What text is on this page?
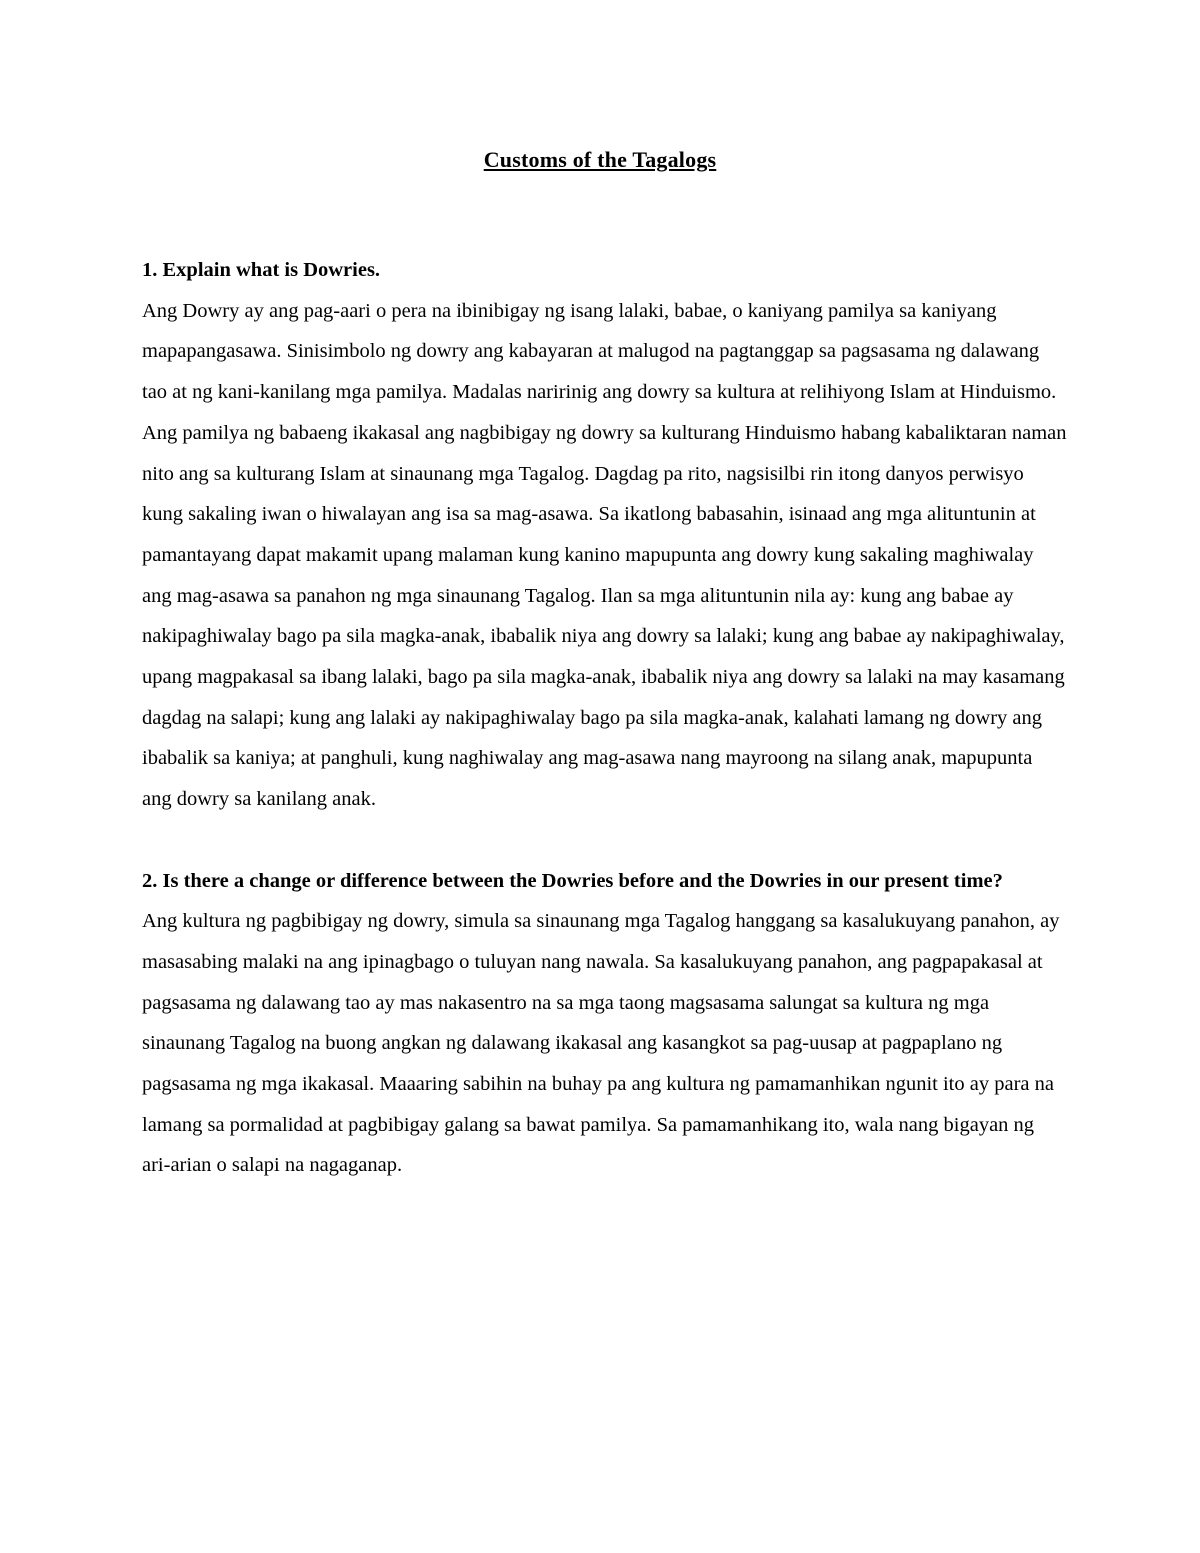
Customs of the Tagalogs

1. Explain what is Dowries.

Ang Dowry ay ang pag-aari o pera na ibinibigay ng isang lalaki, babae, o kaniyang pamilya sa kaniyang mapapangasawa. Sinisimbolo ng dowry ang kabayaran at malugod na pagtanggap sa pagsasama ng dalawang tao at ng kani-kanilang mga pamilya. Madalas naririnig ang dowry sa kultura at relihiyong Islam at Hinduismo. Ang pamilya ng babaeng ikakasal ang nagbibigay ng dowry sa kulturang Hinduismo habang kabaliktaran naman nito ang sa kulturang Islam at sinaunang mga Tagalog. Dagdag pa rito, nagsisilbi rin itong danyos perwisyo kung sakaling iwan o hiwalayan ang isa sa mag-asawa. Sa ikatlong babasahin, isinaad ang mga alituntunin at pamantayang dapat makamit upang malaman kung kanino mapupunta ang dowry kung sakaling maghiwalay ang mag-asawa sa panahon ng mga sinaunang Tagalog. Ilan sa mga alituntunin nila ay: kung ang babae ay nakipaghiwalay bago pa sila magka-anak, ibabalik niya ang dowry sa lalaki; kung ang babae ay nakipaghiwalay, upang magpakasal sa ibang lalaki, bago pa sila magka-anak, ibabalik niya ang dowry sa lalaki na may kasamang dagdag na salapi; kung ang lalaki ay nakipaghiwalay bago pa sila magka-anak, kalahati lamang ng dowry ang ibabalik sa kaniya; at panghuli, kung naghiwalay ang mag-asawa nang mayroong na silang anak, mapupunta ang dowry sa kanilang anak.

2. Is there a change or difference between the Dowries before and the Dowries in our present time?

Ang kultura ng pagbibigay ng dowry, simula sa sinaunang mga Tagalog hanggang sa kasalukuyang panahon, ay masasabing malaki na ang ipinagbago o tuluyan nang nawala. Sa kasalukuyang panahon, ang pagpapakasal at pagsasama ng dalawang tao ay mas nakasentro na sa mga taong magsasama salungat sa kultura ng mga sinaunang Tagalog na buong angkan ng dalawang ikakasal ang kasangkot sa pag-uusap at pagpaplano ng pagsasama ng mga ikakasal. Maaaring sabihin na buhay pa ang kultura ng pamamanhikan ngunit ito ay para na lamang sa pormalidad at pagbibigay galang sa bawat pamilya. Sa pamamanhikang ito, wala nang bigayan ng ari-arian o salapi na nagaganap.
